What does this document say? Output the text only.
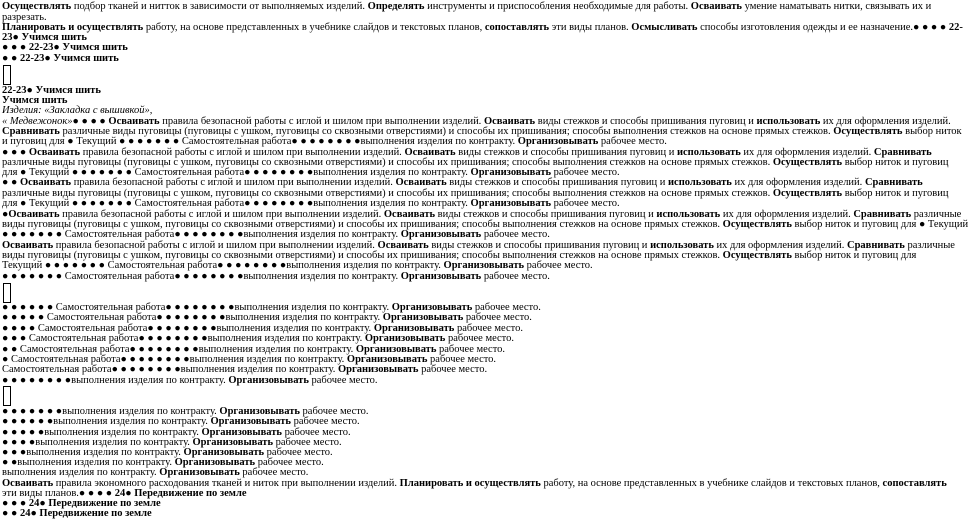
Осуществлять подбор тканей и нитток в зависимости от выполняемых изделий. Определять инструменты и приспособления необходимые для работы. Осваивать умение наматывать нитки, связывать их и
разрезать.
Планировать и осуществлять работу, на основе представленных в учебнике слайдов и текстовых планов, сопоставлять эти виды планов. Осмысливать способы изготовления одежды и ее назначение.● ● ● ● 22-
23● Учимся шить
● ● ● 22-23● Учимся шить
● ● 22-23● Учимся шить
22-23● Учимся шить
Учимся шить
Изделия: «Закладка с вышивкой»,
« Медвежонок»● ● ● ● Осваивать правила безопасной работы с иглой и шилом при выполнении изделий. Осваивать виды стежков и способы пришивания пуговиц и использовать их для оформления изделий.
Сравнивать различные виды пуговицы (пуговицы с ушком, пуговицы со сквозными отверстиями) и способы их пришивания; способы выполнения стежков на основе прямых стежков. Осуществлять выбор ниток
и пуговиц для ● Текущий ● ● ● ● ● ● ● Самостоятельная работа● ● ● ● ● ● ● ●выполнения изделия по контракту. Организовывать рабочее место.
● ● ● Осваивать правила безопасной работы с иглой и шилом при выполнении изделий. Осваивать виды стежков и способы пришивания пуговиц и использовать их для оформления изделий. Сравнивать
различные виды пуговицы (пуговицы с ушком, пуговицы со сквозными отверстиями) и способы их пришивания; способы выполнения стежков на основе прямых стежков. Осуществлять выбор ниток и пуговиц
для ● Текущий ● ● ● ● ● ● ● Самостоятельная работа● ● ● ● ● ● ● ●выполнения изделия по контракту. Организовывать рабочее место.
● ● Осваивать правила безопасной работы с иглой и шилом при выполнении изделий. Осваивать виды стежков и способы пришивания пуговиц и использовать их для оформления изделий. Сравнивать
различные виды пуговицы (пуговицы с ушком, пуговицы со сквозными отверстиями) и способы их пришивания; способы выполнения стежков на основе прямых стежков. Осуществлять выбор ниток и пуговиц
для ● Текущий ● ● ● ● ● ● ● Самостоятельная работа● ● ● ● ● ● ● ●выполнения изделия по контракту. Организовывать рабочее место.
●Осваивать правила безопасной работы с иглой и шилом при выполнении изделий. Осваивать виды стежков и способы пришивания пуговиц и использовать их для оформления изделий. Сравнивать различные
виды пуговицы (пуговицы с ушком, пуговицы со сквозными отверстиями) и способы их пришивания; способы выполнения стежков на основе прямых стежков. Осуществлять выбор ниток и пуговиц для ● Текущий
● ● ● ● ● ● ● Самостоятельная работа● ● ● ● ● ● ● ●выполнения изделия по контракту. Организовывать рабочее место.
Осваивать правила безопасной работы с иглой и шилом при выполнении изделий. Осваивать виды стежков и способы пришивания пуговиц и использовать их для оформления изделий. Сравнивать различные
виды пуговицы (пуговицы с ушком, пуговицы со сквозными отверстиями) и способы их пришивания; способы выполнения стежков на основе прямых стежков. Осуществлять выбор ниток и пуговиц для
Текущий ● ● ● ● ● ● ● Самостоятельная работа● ● ● ● ● ● ● ●выполнения изделия по контракту. Организовывать рабочее место.
● ● ● ● ● ● ● Самостоятельная работа● ● ● ● ● ● ● ●выполнения изделия по контракту. Организовывать рабочее место.
● ● ● ● ● ● Самостоятельная работа● ● ● ● ● ● ● ●выполнения изделия по контракту. Организовывать рабочее место.
● ● ● ● ● Самостоятельная работа● ● ● ● ● ● ● ●выполнения изделия по контракту. Организовывать рабочее место.
● ● ● ● Самостоятельная работа● ● ● ● ● ● ● ●выполнения изделия по контракту. Организовывать рабочее место.
● ● ● Самостоятельная работа● ● ● ● ● ● ● ●выполнения изделия по контракту. Организовывать рабочее место.
● ● Самостоятельная работа● ● ● ● ● ● ● ●выполнения изделия по контракту. Организовывать рабочее место.
● Самостоятельная работа● ● ● ● ● ● ● ●выполнения изделия по контракту. Организовывать рабочее место.
Самостоятельная работа● ● ● ● ● ● ● ●выполнения изделия по контракту. Организовывать рабочее место.
● ● ● ● ● ● ● ●выполнения изделия по контракту. Организовывать рабочее место.
● ● ● ● ● ● ●выполнения изделия по контракту. Организовывать рабочее место.
● ● ● ● ● ●выполнения изделия по контракту. Организовывать рабочее место.
● ● ● ● ●выполнения изделия по контракту. Организовывать рабочее место.
● ● ● ●выполнения изделия по контракту. Организовывать рабочее место.
● ● ●выполнения изделия по контракту. Организовывать рабочее место.
● ●выполнения изделия по контракту. Организовывать рабочее место.
выполнения изделия по контракту. Организовывать рабочее место.
Осваивать правила экономного расходования тканей и ниток при выполнении изделий. Планировать и осуществлять работу, на основе представленных в учебнике слайдов и текстовых планов, сопоставлять
эти виды планов.● ● ● ● 24● Передвижение по земле
● ● ● 24● Передвижение по земле
● ● 24● Передвижение по земле
